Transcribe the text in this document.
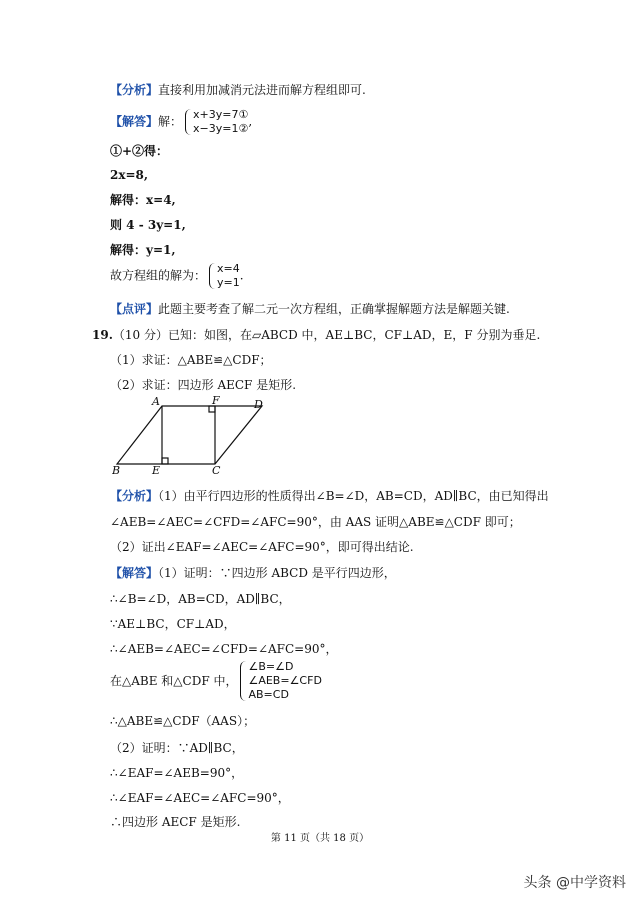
【分析】直接利用加减消元法进而解方程组即可.
【解答】解： x+3y=7①
x−3y=1② ,
①+②得：
2x=8,
解得：x=4,
则 4 - 3y=1,
解得：y=1,
故方程组的解为： x=4
y=1 .
【点评】此题主要考查了解二元一次方程组，正确掌握解题方法是解题关键.
19.（10 分）已知：如图，在▱ABCD 中，AE⊥BC，CF⊥AD，E，F 分别为垂足.
（1）求证：△ABE≌△CDF；
（2）求证：四边形 AECF 是矩形.
A	F	D
B	E	C
【分析】（1）由平行四边形的性质得出∠B=∠D，AB=CD，AD∥BC，由已知得出
∠AEB=∠AEC=∠CFD=∠AFC=90°，由 AAS 证明△ABE≌△CDF 即可；
（2）证出∠EAF=∠AEC=∠AFC=90°，即可得出结论.
【解答】（1）证明：∵四边形 ABCD 是平行四边形，
∴∠B=∠D，AB=CD，AD∥BC，
∵AE⊥BC，CF⊥AD，
∴∠AEB=∠AEC=∠CFD=∠AFC=90°，
在△ABE 和△CDF 中，
∠B=∠D
∠AEB=∠CFD
AB=CD
∴△ABE≌△CDF（AAS）；
（2）证明：∵AD∥BC，
∴∠EAF=∠AEB=90°，
∴∠EAF=∠AEC=∠AFC=90°，
∴四边形 AECF 是矩形.
第 11 页（共 18 页）
头条 @中学资料
